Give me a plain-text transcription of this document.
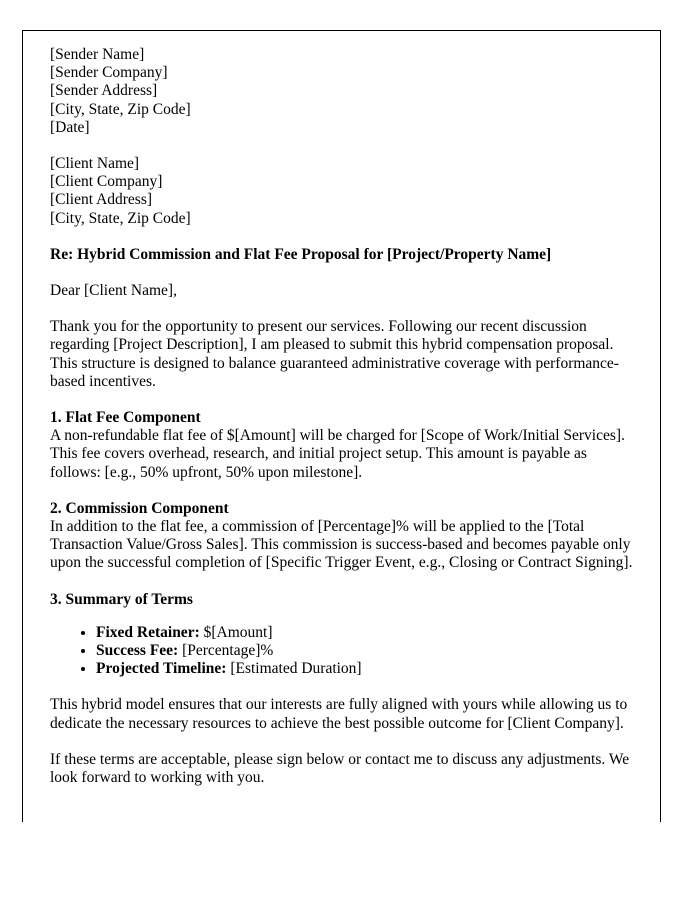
[Sender Name]
[Sender Company]
[Sender Address]
[City, State, Zip Code]
[Date]
[Client Name]
[Client Company]
[Client Address]
[City, State, Zip Code]
Re: Hybrid Commission and Flat Fee Proposal for [Project/Property Name]

Dear [Client Name],

Thank you for the opportunity to present our services. Following our recent discussion regarding [Project Description], I am pleased to submit this hybrid compensation proposal. This structure is designed to balance guaranteed administrative coverage with performance-based incentives.

1. Flat Fee Component

A non-refundable flat fee of $[Amount] will be charged for [Scope of Work/Initial Services]. This fee covers overhead, research, and initial project setup. This amount is payable as follows: [e.g., 50% upfront, 50% upon milestone].

2. Commission Component

In addition to the flat fee, a commission of [Percentage]% will be applied to the [Total Transaction Value/Gross Sales]. This commission is success-based and becomes payable only upon the successful completion of [Specific Trigger Event, e.g., Closing or Contract Signing].

3. Summary of Terms
• Fixed Retainer: $[Amount]
• Success Fee: [Percentage]%
• Projected Timeline: [Estimated Duration]

This hybrid model ensures that our interests are fully aligned with yours while allowing us to dedicate the necessary resources to achieve the best possible outcome for [Client Company].

If these terms are acceptable, please sign below or contact me to discuss any adjustments. We look forward to working with you.
